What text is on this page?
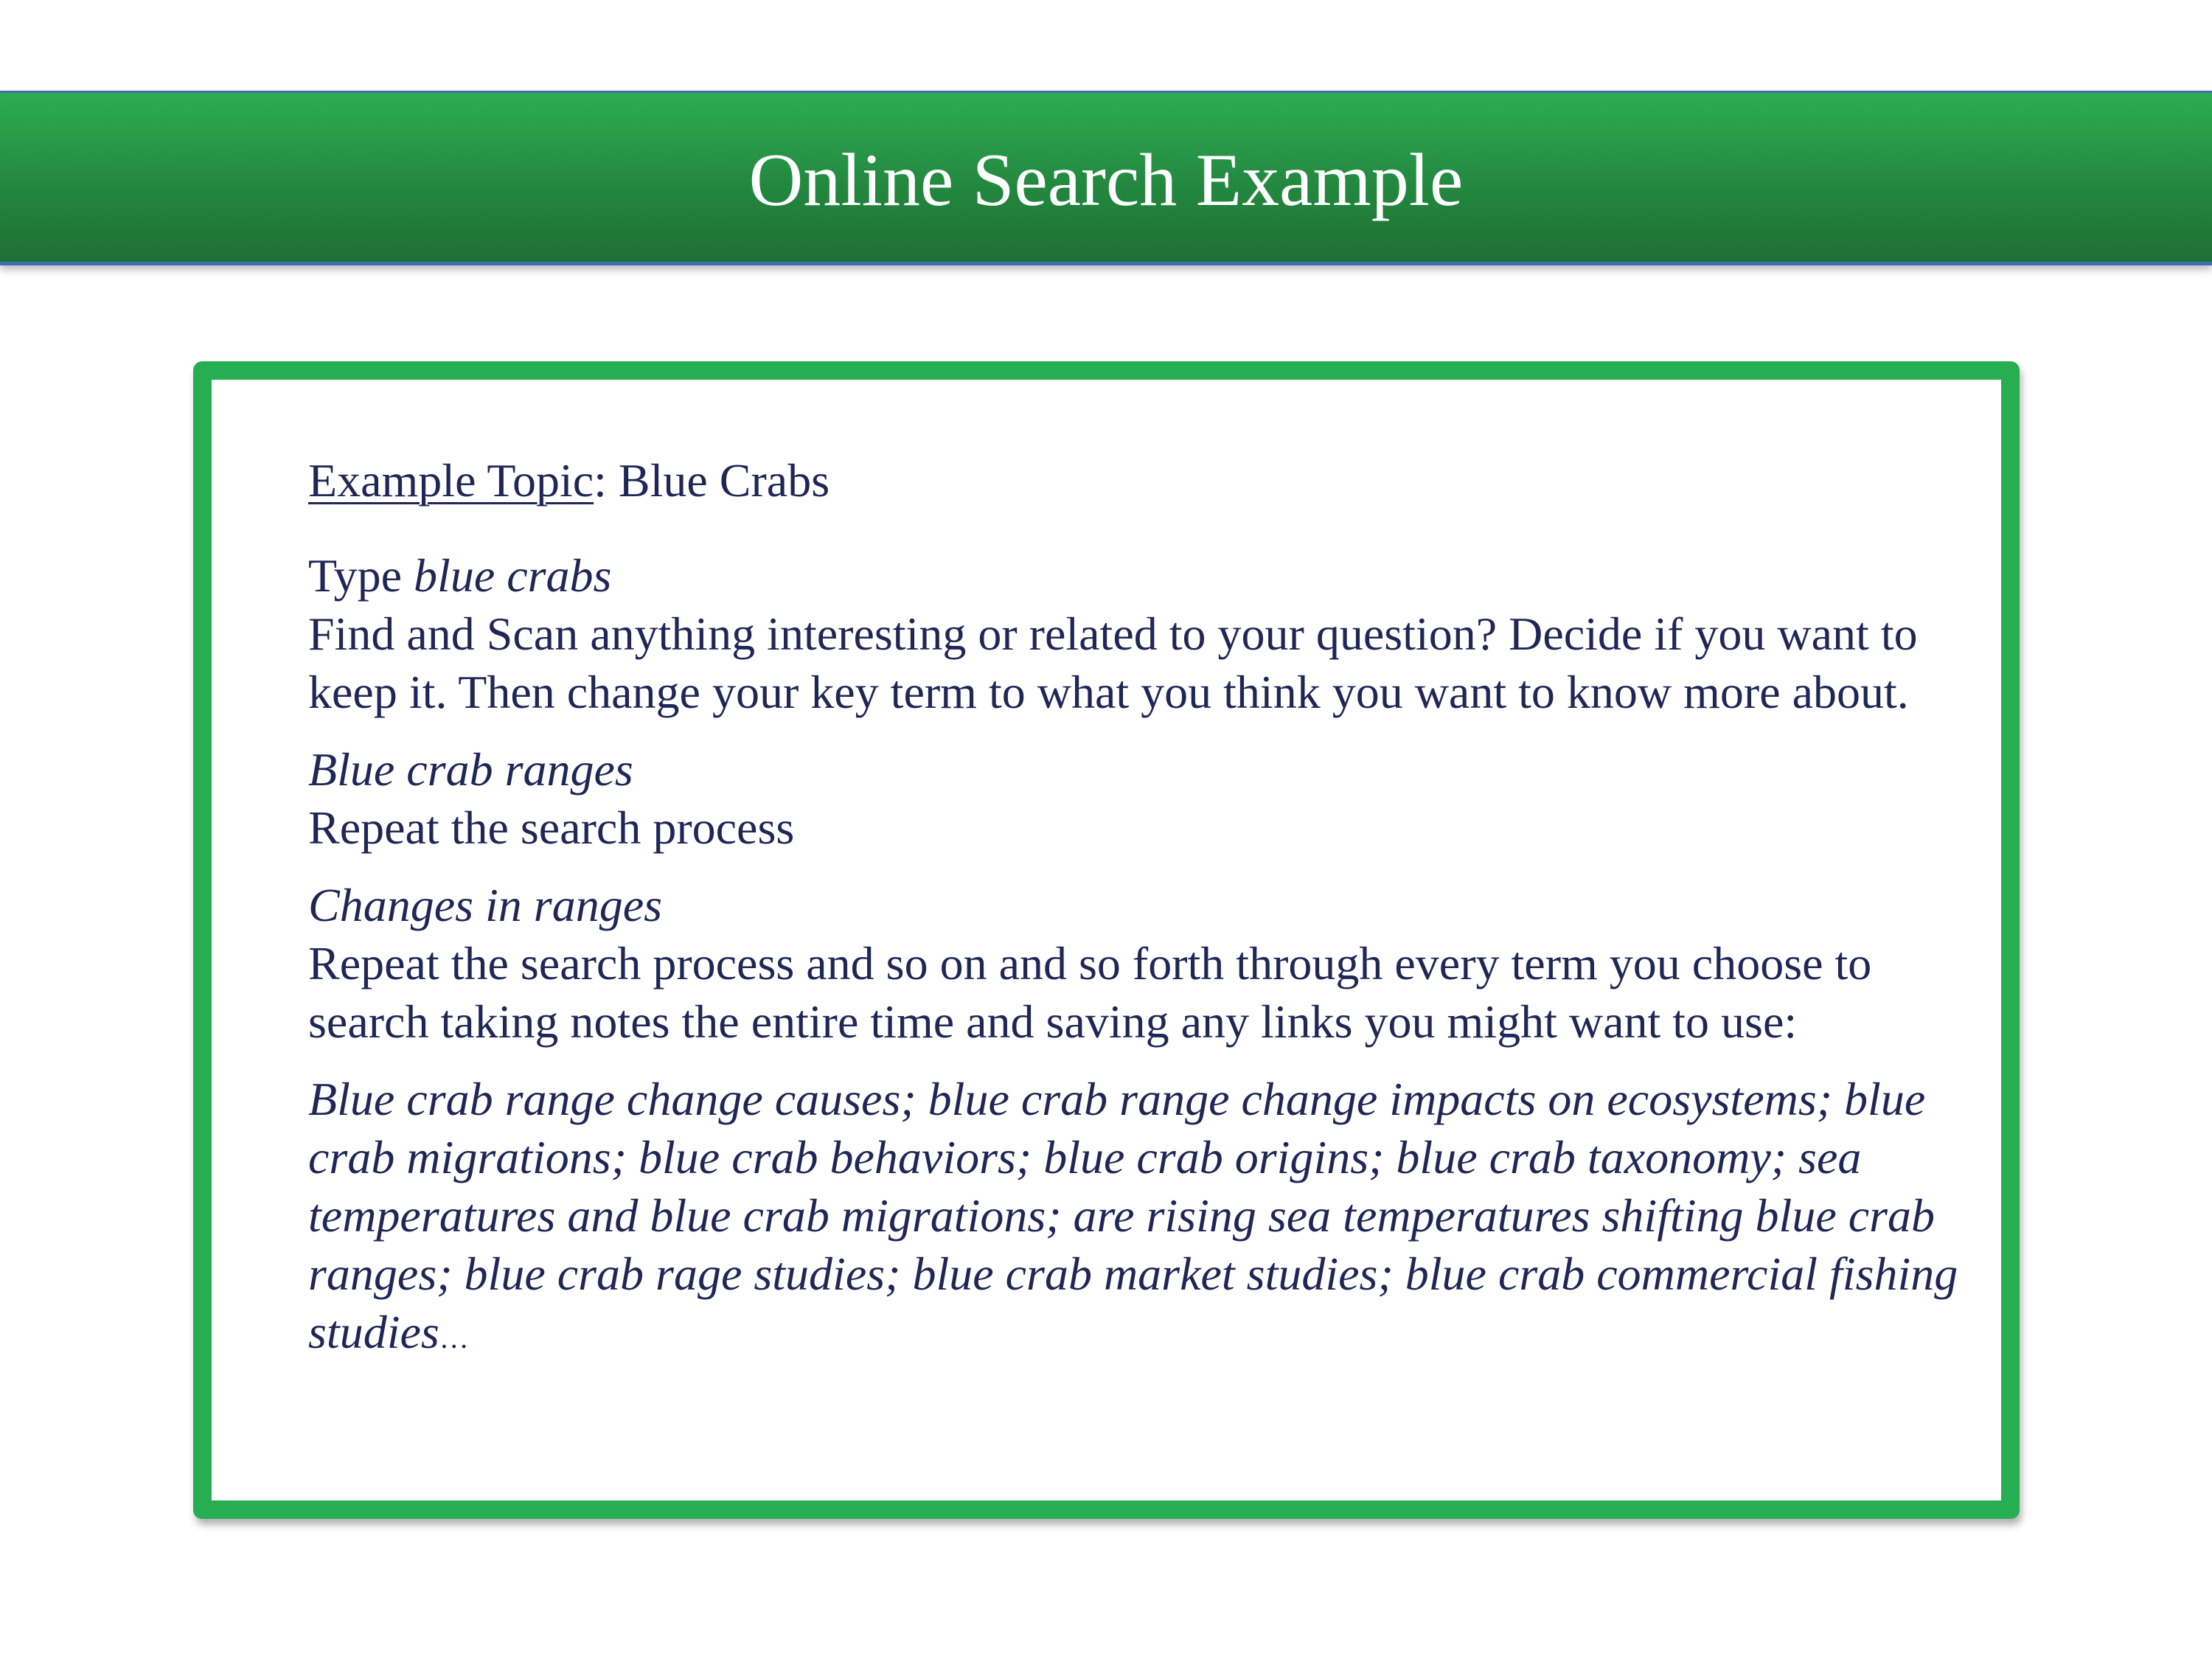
Online Search Example

Example Topic: Blue Crabs

Type blue crabs

Find and Scan anything interesting or related to your question? Decide if you want to keep it. Then change your key term to what you think you want to know more about.

Blue crab ranges

Repeat the search process

Changes in ranges

Repeat the search process and so on and so forth through every term you choose to search taking notes the entire time and saving any links you might want to use:

Blue crab range change causes; blue crab range change impacts on ecosystems; blue crab migrations; blue crab behaviors; blue crab origins; blue crab taxonomy; sea temperatures and blue crab migrations; are rising sea temperatures shifting blue crab ranges; blue crab rage studies; blue crab market studies; blue crab commercial fishing studies…
